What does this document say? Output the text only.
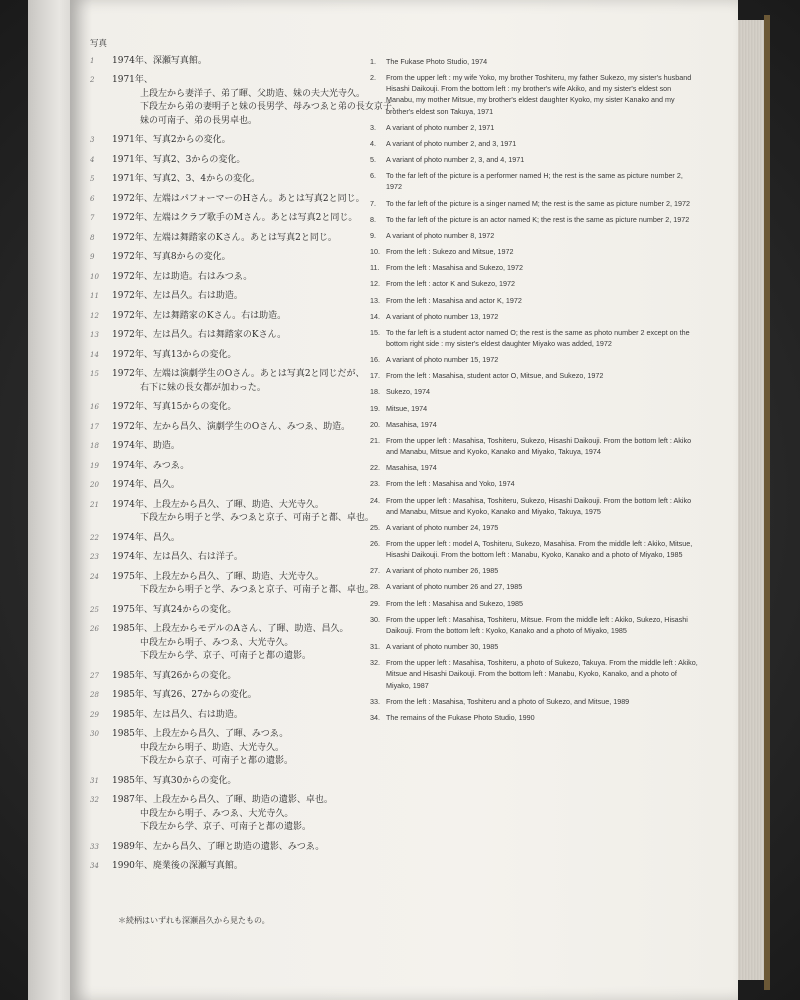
写真
1	1974年、深瀬写真館。
2	1971年、
上段左から妻洋子、弟了暉、父助造、妹の夫大光寺久。
下段左から弟の妻明子と妹の長男学、母みつゑと弟の長女京子、
妹の可南子、弟の長男卓也。
3	1971年、写真2からの変化。
4	1971年、写真2、3からの変化。
5	1971年、写真2、3、4からの変化。
6	1972年、左端はパフォーマーのHさん。あとは写真2と同じ。
7	1972年、左端はクラブ歌手のMさん。あとは写真2と同じ。
8	1972年、左端は舞踏家のKさん。あとは写真2と同じ。
9	1972年、写真8からの変化。
10	1972年、左は助造。右はみつゑ。
11	1972年、左は昌久。右は助造。
12	1972年、左は舞踏家のKさん。右は助造。
13	1972年、左は昌久。右は舞踏家のKさん。
14	1972年、写真13からの変化。
15	1972年、左端は演劇学生のOさん。あとは写真2と同じだが、
右下に妹の長女都が加わった。
16	1972年、写真15からの変化。
17	1972年、左から昌久、演劇学生のOさん、みつゑ、助造。
18	1974年、助造。
19	1974年、みつゑ。
20	1974年、昌久。
21	1974年、上段左から昌久、了暉、助造、大光寺久。
下段左から明子と学、みつゑと京子、可南子と都、卓也。
22	1974年、昌久。
23	1974年、左は昌久、右は洋子。
24	1975年、上段左から昌久、了暉、助造、大光寺久。
下段左から明子と学、みつゑと京子、可南子と都、卓也。
25	1975年、写真24からの変化。
26	1985年、上段左からモデルのAさん、了暉、助造、昌久。
中段左から明子、みつゑ、大光寺久。
下段左から学、京子、可南子と都の遺影。
27	1985年、写真26からの変化。
28	1985年、写真26、27からの変化。
29	1985年、左は昌久、右は助造。
30	1985年、上段左から昌久、了暉、みつゑ。
中段左から明子、助造、大光寺久。
下段左から京子、可南子と都の遺影。
31	1985年、写真30からの変化。
32	1987年、上段左から昌久、了暉、助造の遺影、卓也。
中段左から明子、みつゑ、大光寺久。
下段左から学、京子、可南子と都の遺影。
33	1989年、左から昌久、了暉と助造の遺影、みつゑ。
34	1990年、廃業後の深瀬写真館。
＊続柄はいずれも深瀬昌久から見たもの。
1.	The Fukase Photo Studio, 1974
2.	From the upper left : my wife Yoko, my brother Toshiteru, my father Sukezo, my sister's husband Hisashi Daikouji. From the bottom left : my brother's wife Akiko, and my sister's eldest son Manabu, my mother Mitsue, my brother's eldest daughter Kyoko, my sister Kanako and my brother's eldest son Takuya, 1971
3.	A variant of photo number 2, 1971
4.	A variant of photo number 2, and 3, 1971
5.	A variant of photo number 2, 3, and 4, 1971
6.	To the far left of the picture is a performer named H; the rest is the same as picture number 2, 1972
7.	To the far left of the picture is a singer named M; the rest is the same as picture number 2, 1972
8.	To the far left of the picture is an actor named K; the rest is the same as picture number 2, 1972
9.	A variant of photo number 8, 1972
10. From the left : Sukezo and Mitsue, 1972
11. From the left : Masahisa and Sukezo, 1972
12. From the left : actor K and Sukezo, 1972
13. From the left : Masahisa and actor K, 1972
14. A variant of photo number 13, 1972
15. To the far left is a student actor named O; the rest is the same as photo number 2 except on the bottom right side : my sister's eldest daughter Miyako was added, 1972
16. A variant of photo number 15, 1972
17. From the left : Masahisa, student actor O, Mitsue, and Sukezo, 1972
18. Sukezo, 1974
19. Mitsue, 1974
20. Masahisa, 1974
21. From the upper left : Masahisa, Toshiteru, Sukezo, Hisashi Daikouji. From the bottom left : Akiko and Manabu, Mitsue and Kyoko, Kanako and Miyako, Takuya, 1974
22. Masahisa, 1974
23. From the left : Masahisa and Yoko, 1974
24. From the upper left : Masahisa, Toshiteru, Sukezo, Hisashi Daikouji. From the bottom left : Akiko and Manabu, Mitsue and Kyoko, Kanako and Miyako, Takuya, 1975
25. A variant of photo number 24, 1975
26. From the upper left : model A, Toshiteru, Sukezo, Masahisa. From the middle left : Akiko, Mitsue, Hisashi Daikouji. From the bottom left : Manabu, Kyoko, Kanako and a photo of Miyako, 1985
27. A variant of photo number 26, 1985
28. A variant of photo number 26 and 27, 1985
29. From the left : Masahisa and Sukezo, 1985
30. From the upper left : Masahisa, Toshiteru, Mitsue. From the middle left : Akiko, Sukezo, Hisashi Daikouji. From the bottom left : Kyoko, Kanako and a photo of Miyako, 1985
31. A variant of photo number 30, 1985
32. From the upper left : Masahisa, Toshiteru, a photo of Sukezo, Takuya. From the middle left : Akiko, Mitsue and Hisashi Daikouji. From the bottom left : Manabu, Kyoko, Kanako, and a photo of Miyako, 1987
33. From the left : Masahisa, Toshiteru and a photo of Sukezo, and Mitsue, 1989
34. The remains of the Fukase Photo Studio, 1990
